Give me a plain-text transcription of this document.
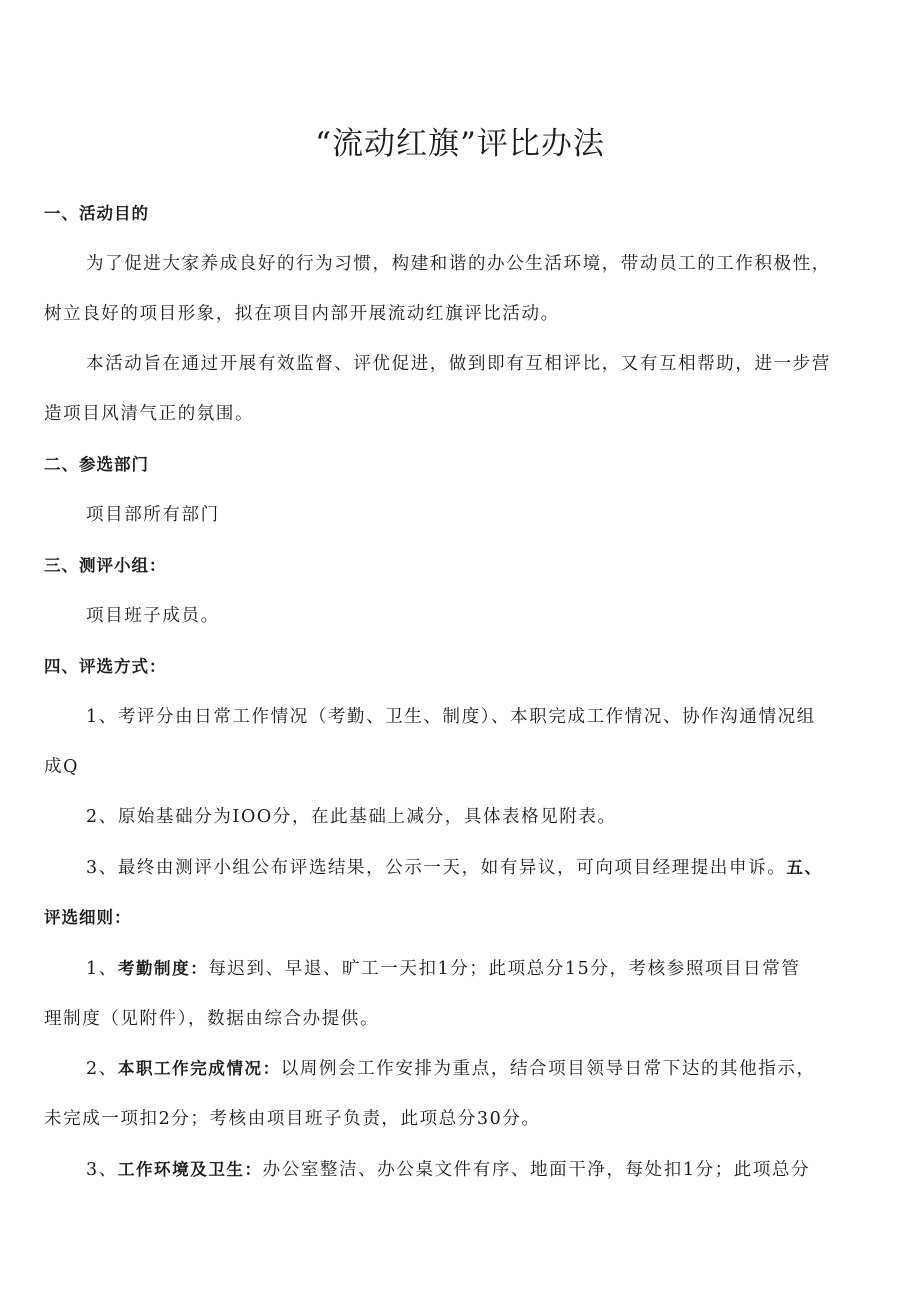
“流动红旗”评比办法
一、活动目的
为了促进大家养成良好的行为习惯，构建和谐的办公生活环境，带动员工的工作积极性，
树立良好的项目形象，拟在项目内部开展流动红旗评比活动。
本活动旨在通过开展有效监督、评优促进，做到即有互相评比，又有互相帮助，进一步营
造项目风清气正的氛围。
二、参选部门
项目部所有部门
三、测评小组：
项目班子成员。
四、评选方式：
1、考评分由日常工作情况（考勤、卫生、制度）、本职完成工作情况、协作沟通情况组
成Q
2、原始基础分为IOO分，在此基础上减分，具体表格见附表。
3、最终由测评小组公布评选结果，公示一天，如有异议，可向项目经理提出申诉。五、
评选细则：
1、考勤制度：每迟到、早退、旷工一天扣1分；此项总分15分，考核参照项目日常管
理制度（见附件），数据由综合办提供。
2、本职工作完成情况：以周例会工作安排为重点，结合项目领导日常下达的其他指示，
未完成一项扣2分；考核由项目班子负责，此项总分30分。
3、工作环境及卫生：办公室整洁、办公桌文件有序、地面干净，每处扣1分；此项总分
